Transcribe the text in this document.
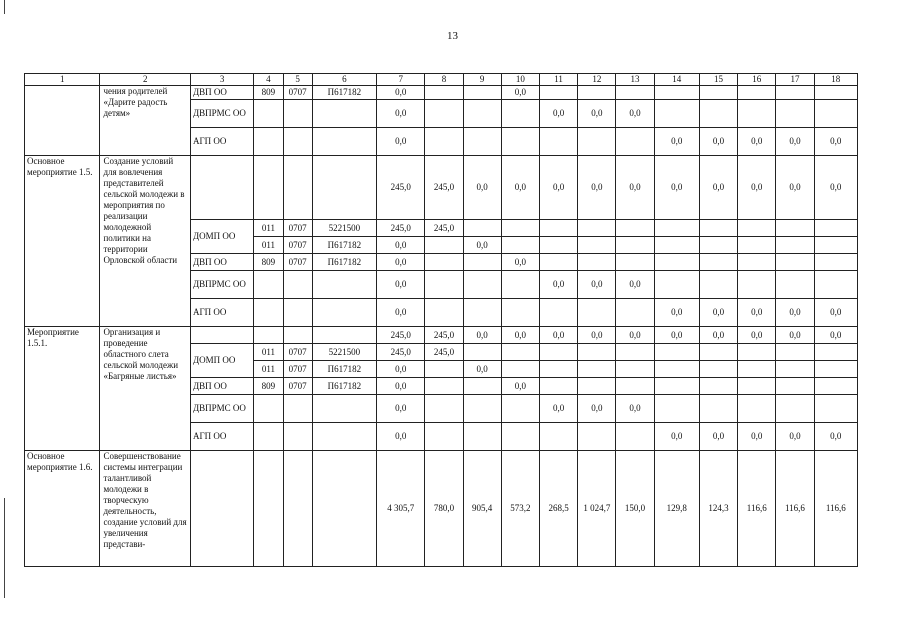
13
1	2	3	4	5	6	7	8	9	10	11	12	13	14	15	16	17	18
	чения родителей «Дарите радость детям»	ДВП ОО	809	0707	П617182	0,0			0,0								
		ДВПРМС ОО				0,0				0,0	0,0	0,0					
		АГП ОО				0,0							0,0	0,0	0,0	0,0	0,0
Основное мероприятие 1.5.	Создание условий для вовлечения представителей сельской молодежи в мероприятия по реализации молодежной политики на территории Орловской области					245,0	245,0	0,0	0,0	0,0	0,0	0,0	0,0	0,0	0,0	0,0	0,0
		ДОМП ОО	011	0707	5221500	245,0	245,0										
			011	0707	П617182	0,0		0,0									
		ДВП ОО	809	0707	П617182	0,0			0,0								
		ДВПРМС ОО				0,0				0,0	0,0	0,0					
		АГП ОО				0,0							0,0	0,0	0,0	0,0	0,0
Мероприятие 1.5.1.	Организация и проведение областного слета сельской молодежи «Багряные листья»					245,0	245,0	0,0	0,0	0,0	0,0	0,0	0,0	0,0	0,0	0,0	0,0
		ДОМП ОО	011	0707	5221500	245,0	245,0										
			011	0707	П617182	0,0		0,0									
		ДВП ОО	809	0707	П617182	0,0			0,0								
		ДВПРМС ОО				0,0				0,0	0,0	0,0					
		АГП ОО				0,0							0,0	0,0	0,0	0,0	0,0
Основное мероприятие 1.6.	Совершенствование системы интеграции талантливой молодежи в творческую деятельность, создание условий для увеличения представи-					4 305,7	780,0	905,4	573,2	268,5	1 024,7	150,0	129,8	124,3	116,6	116,6	116,6
